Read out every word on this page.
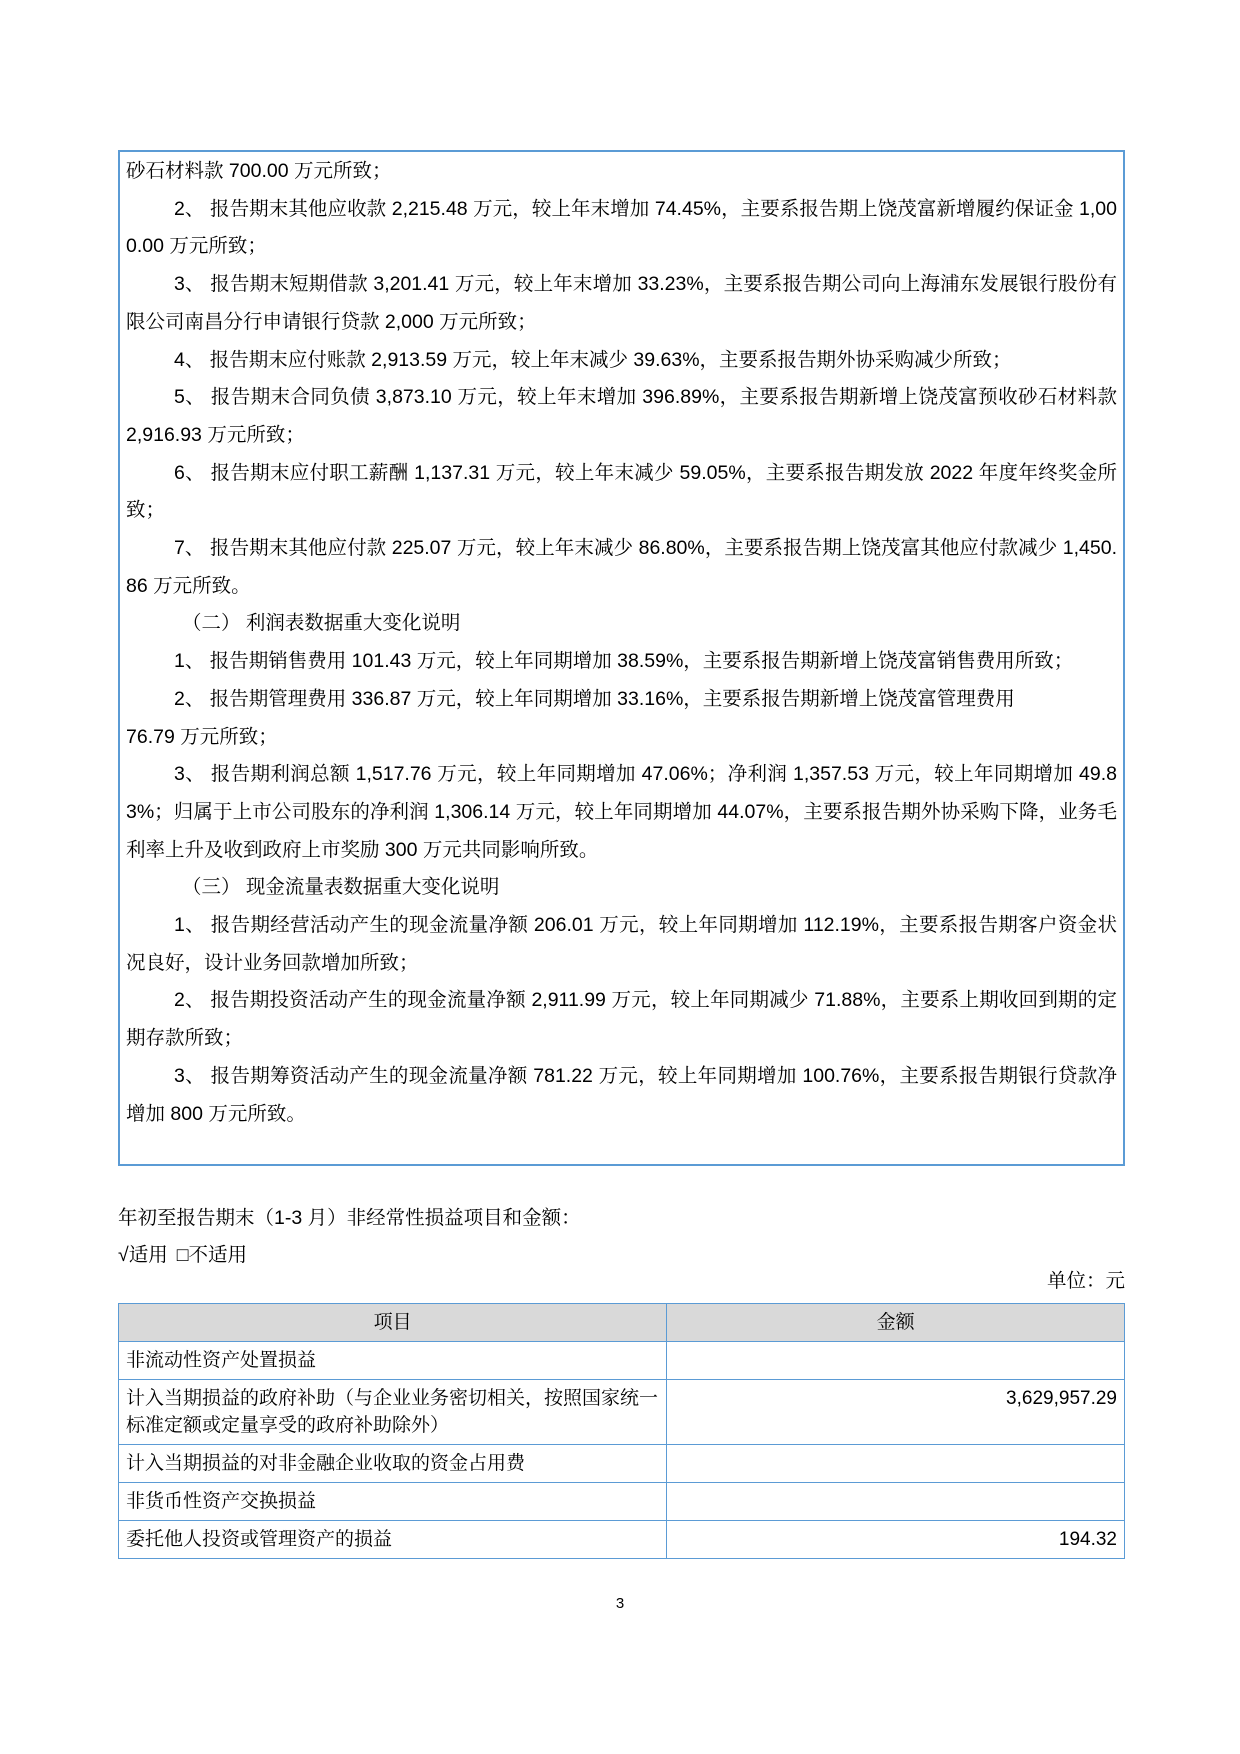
砂石材料款 700.00 万元所致；

2、 报告期末其他应收款 2,215.48 万元，较上年末增加 74.45%，主要系报告期上饶茂富新增履约保证金 1,000.00 万元所致；

3、 报告期末短期借款 3,201.41 万元，较上年末增加 33.23%，主要系报告期公司向上海浦东发展银行股份有限公司南昌分行申请银行贷款 2,000 万元所致；

4、 报告期末应付账款 2,913.59 万元，较上年末减少 39.63%，主要系报告期外协采购减少所致；

5、 报告期末合同负债 3,873.10 万元，较上年末增加 396.89%，主要系报告期新增上饶茂富预收砂石材料款 2,916.93 万元所致；

6、 报告期末应付职工薪酬 1,137.31 万元，较上年末减少 59.05%，主要系报告期发放 2022 年度年终奖金所致；

7、 报告期末其他应付款 225.07 万元，较上年末减少 86.80%，主要系报告期上饶茂富其他应付款减少 1,450.86 万元所致。

（二） 利润表数据重大变化说明

1、 报告期销售费用 101.43 万元，较上年同期增加 38.59%，主要系报告期新增上饶茂富销售费用所致；

2、 报告期管理费用 336.87 万元，较上年同期增加 33.16%，主要系报告期新增上饶茂富管理费用

76.79 万元所致；

3、 报告期利润总额 1,517.76 万元，较上年同期增加 47.06%；净利润 1,357.53 万元，较上年同期增加 49.83%；归属于上市公司股东的净利润 1,306.14 万元，较上年同期增加 44.07%，主要系报告期外协采购下降，业务毛利率上升及收到政府上市奖励 300 万元共同影响所致。

（三） 现金流量表数据重大变化说明

1、 报告期经营活动产生的现金流量净额 206.01 万元，较上年同期增加 112.19%，主要系报告期客户资金状况良好，设计业务回款增加所致；

2、 报告期投资活动产生的现金流量净额 2,911.99 万元，较上年同期减少 71.88%，主要系上期收回到期的定期存款所致；

3、 报告期筹资活动产生的现金流量净额 781.22 万元，较上年同期增加 100.76%，主要系报告期银行贷款净增加 800 万元所致。

年初至报告期末（1-3 月）非经常性损益项目和金额：

√适用 □不适用

单位：元
项目	金额
非流动性资产处置损益	
计入当期损益的政府补助（与企业业务密切相关，按照国家统一标准定额或定量享受的政府补助除外）	3,629,957.29
计入当期损益的对非金融企业收取的资金占用费	
非货币性资产交换损益	
委托他人投资或管理资产的损益	194.32
3
